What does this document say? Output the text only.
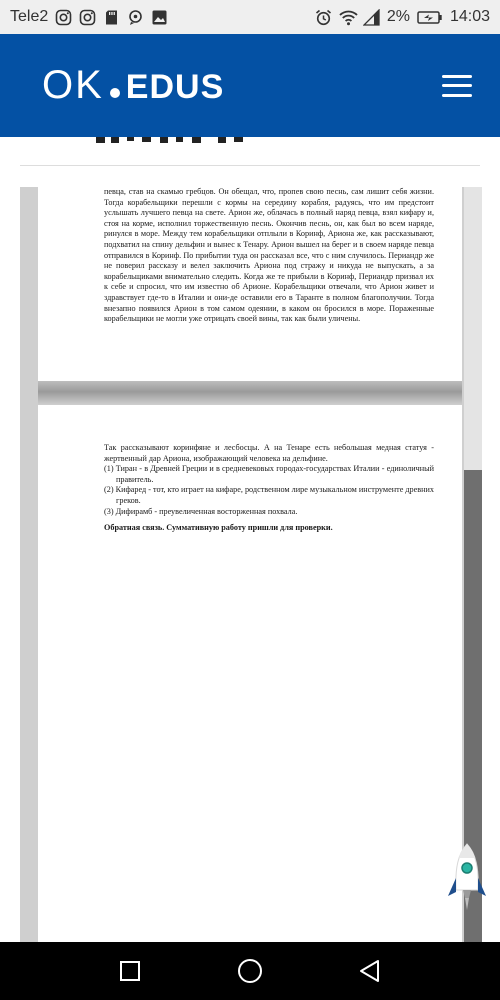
Tele2	2%	14:03
OK EDUS

певца, став на скамью гребцов. Он обещал, что, пропев свою песнь, сам лишит себя жизни. Тогда корабельщики перешли с кормы на середину корабля, радуясь, что им предстоит услышать лучшего певца на свете. Арион же, облачась в полный наряд певца, взял кифару и, стоя на корме, исполнил торжественную песнь. Окончив песнь, он, как был во всем наряде, ринулся в море. Между тем корабельщики отплыли в Коринф, Ариона же, как рассказывают, подхватил на спину дельфин и вынес к Тенару. Арион вышел на берег и в своем наряде певца отправился в Коринф. По прибытии туда он рассказал все, что с ним случилось. Периандр же не поверил рассказу и велел заключить Ариона под стражу и никуда не выпускать, а за корабельщиками внимательно следить. Когда же те прибыли в Коринф, Периандр призвал их к себе и спросил, что им известно об Арионе. Корабельщики отвечали, что Арион живет и здравствует где-то в Италии и они-де оставили его в Таранте в полном благополучии. Тогда внезапно появился Арион в том самом одеянии, в каком он бросился в море. Пораженные корабельщики не могли уже отрицать своей вины, так как были уличены.

Так рассказывают коринфяне и лесбосцы. А на Тенаре есть небольшая медная статуя - жертвенный дар Ариона, изображающий человека на дельфине.

(1) Тиран - в Древней Греции и в средневековых городах-государствах Италии - единоличный правитель.

(2) Кифаред - тот, кто играет на кифаре, родственном лире музыкальном инструменте древних греков.

(3) Дифирамб - преувеличенная восторженная похвала.

Обратная связь. Суммативную работу пришли для проверки.
